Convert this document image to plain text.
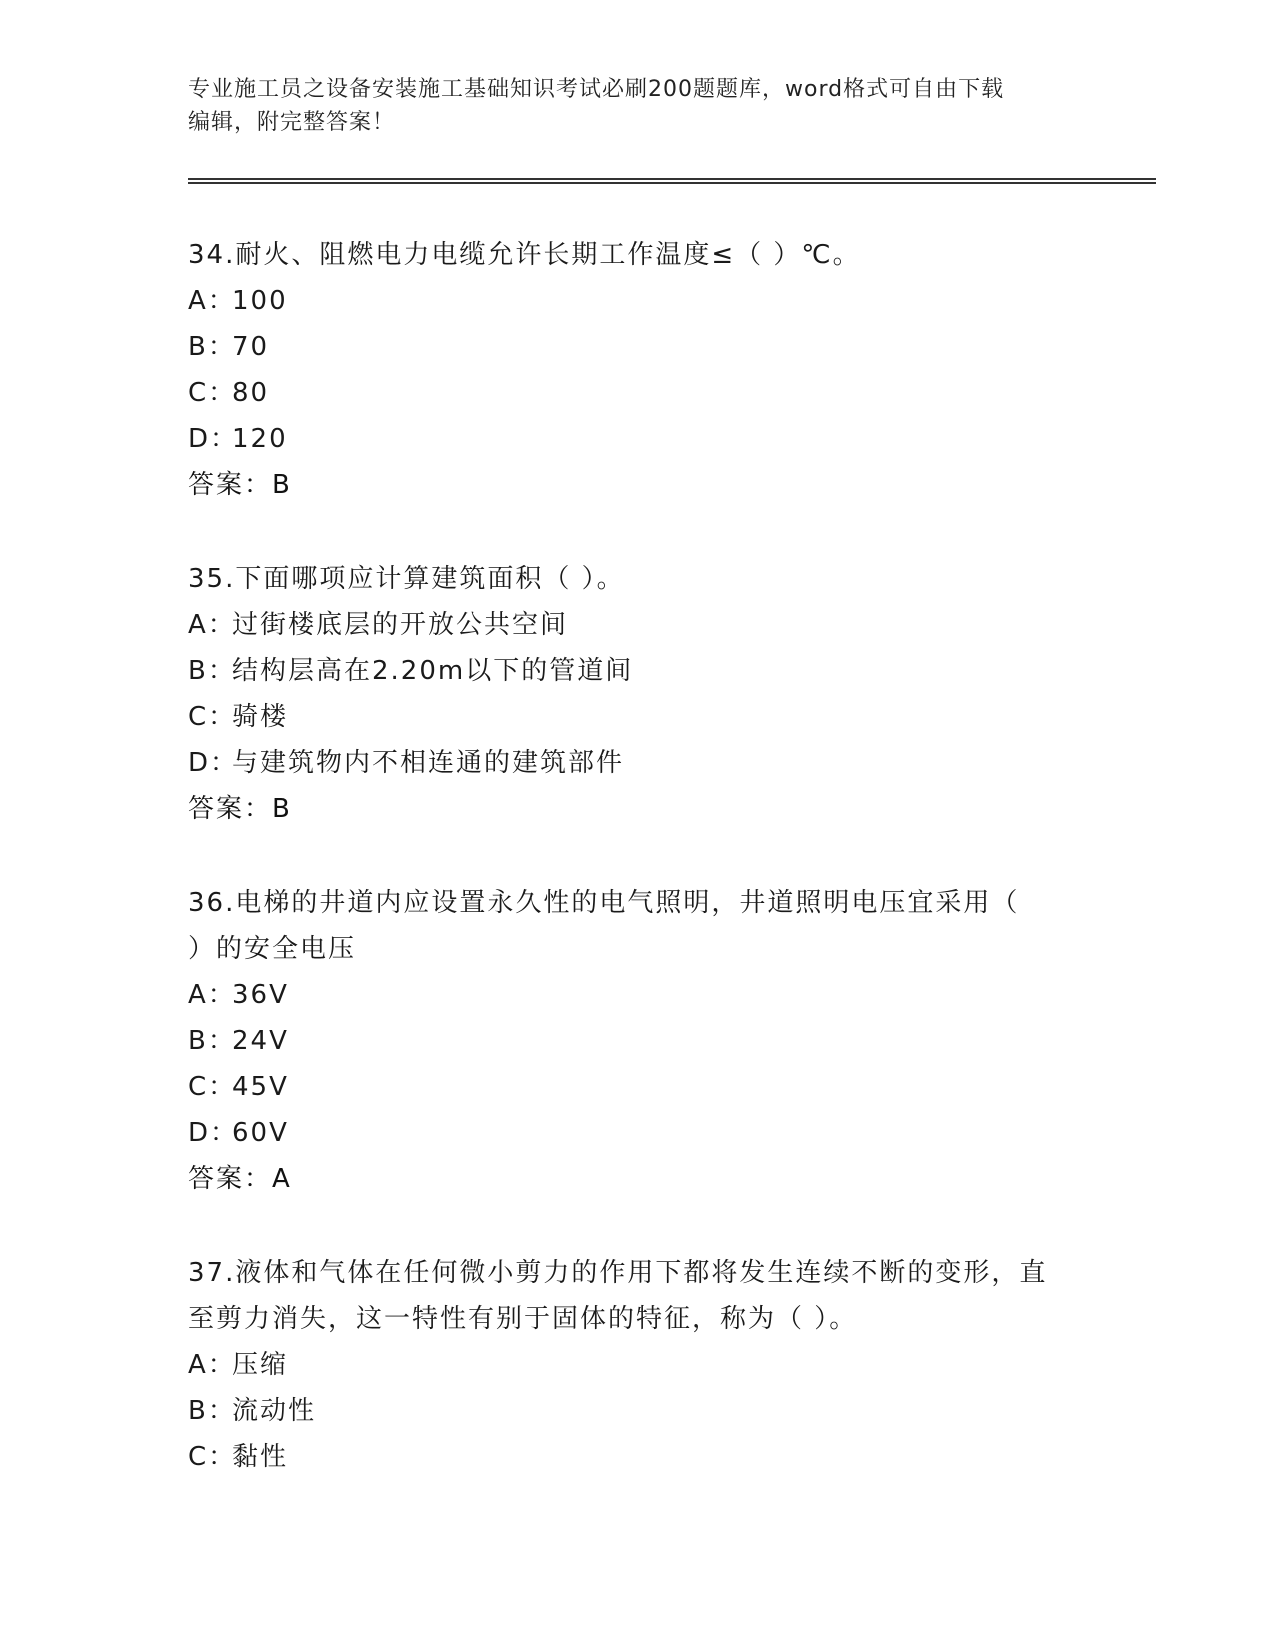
专业施工员之设备安装施工基础知识考试必刷200题题库，word格式可自由下载
编辑，附完整答案！

34.耐火、阻燃电力电缆允许长期工作温度≤（ ）℃。

A：
100
B：
70
C：
80
D：
120

答案：B

35.下面哪项应计算建筑面积（ ）。

A：
过街楼底层的开放公共空间
B：
结构层高在2.20m以下的管道间
C：
骑楼
D：
与建筑物内不相连通的建筑部件

答案：B

36.电梯的井道内应设置永久性的电气照明，井道照明电压宜采用（

）的安全电压

A：
36V
B：
24V
C：
45V
D：
60V

答案：A

37.液体和气体在任何微小剪力的作用下都将发生连续不断的变形，直

至剪力消失，这一特性有别于固体的特征，称为（ ）。

A：
压缩
B：
流动性
C：
黏性
